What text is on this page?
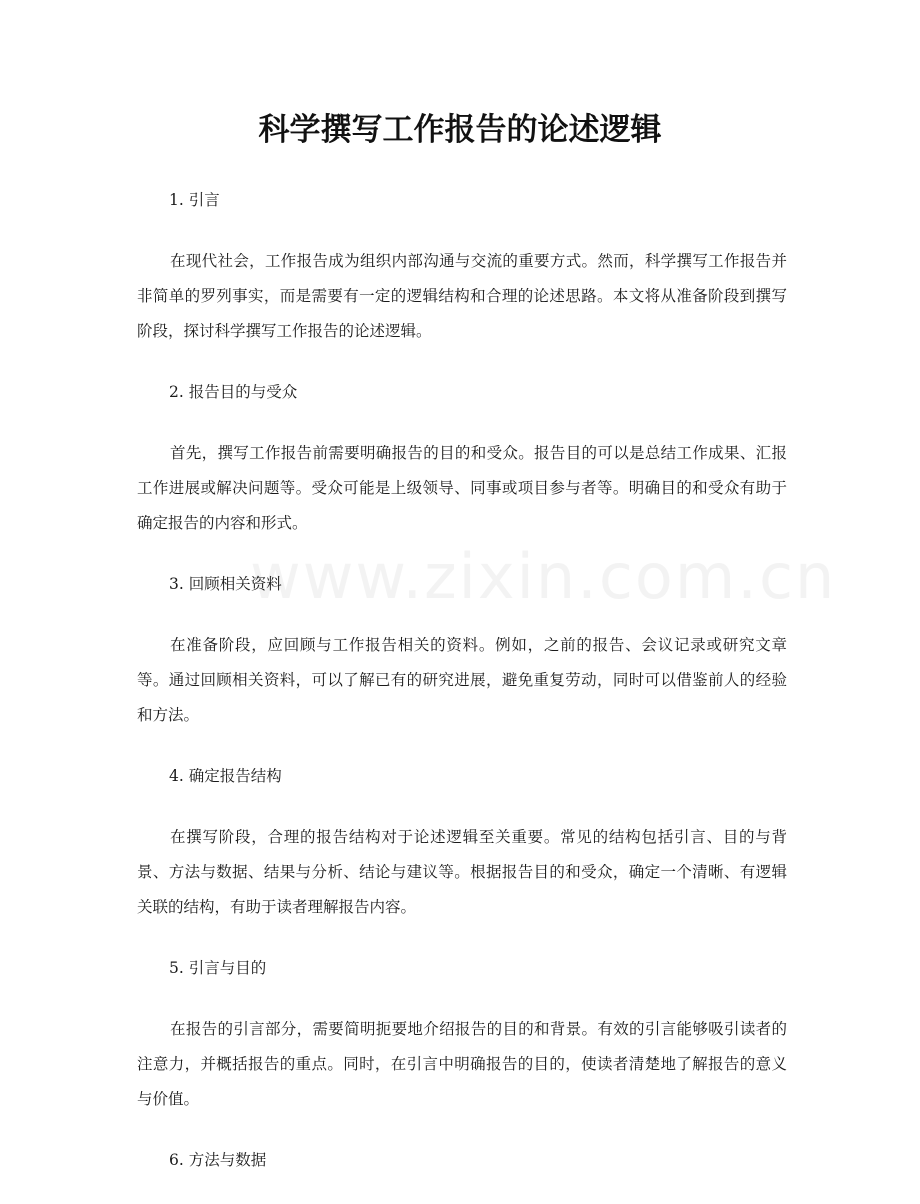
科学撰写工作报告的论述逻辑
www.zixin.com.cn

1. 引言

在现代社会，工作报告成为组织内部沟通与交流的重要方式。然而，科学撰写工作报告并非简单的罗列事实，而是需要有一定的逻辑结构和合理的论述思路。本文将从准备阶段到撰写阶段，探讨科学撰写工作报告的论述逻辑。

2. 报告目的与受众

首先，撰写工作报告前需要明确报告的目的和受众。报告目的可以是总结工作成果、汇报工作进展或解决问题等。受众可能是上级领导、同事或项目参与者等。明确目的和受众有助于确定报告的内容和形式。

3. 回顾相关资料

在准备阶段，应回顾与工作报告相关的资料。例如，之前的报告、会议记录或研究文章等。通过回顾相关资料，可以了解已有的研究进展，避免重复劳动，同时可以借鉴前人的经验和方法。

4. 确定报告结构

在撰写阶段，合理的报告结构对于论述逻辑至关重要。常见的结构包括引言、目的与背景、方法与数据、结果与分析、结论与建议等。根据报告目的和受众，确定一个清晰、有逻辑关联的结构，有助于读者理解报告内容。

5. 引言与目的

在报告的引言部分，需要简明扼要地介绍报告的目的和背景。有效的引言能够吸引读者的注意力，并概括报告的重点。同时，在引言中明确报告的目的，使读者清楚地了解报告的意义与价值。

6. 方法与数据
